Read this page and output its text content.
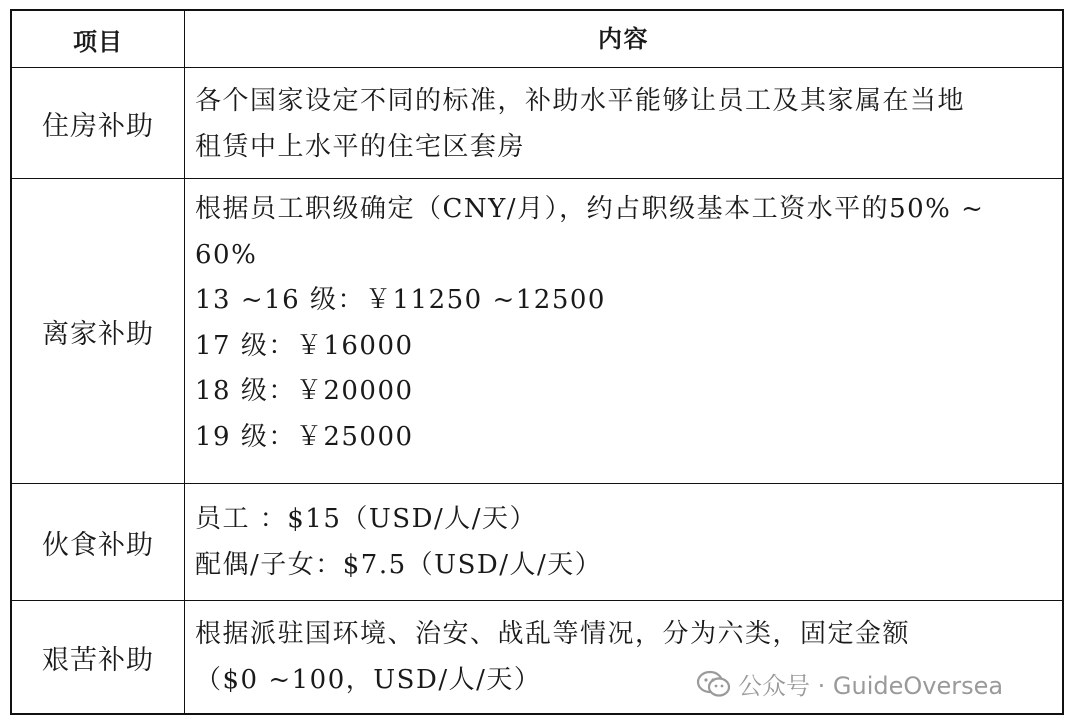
项目	内容
住房补助
各个国家设定不同的标准，补助水平能够让员工及其家属在当地
租赁中上水平的住宅区套房
离家补助
根据员工职级确定（CNY/月），约占职级基本工资水平的50% ~
60%
13 ~16 级：￥11250 ~12500
17 级：￥16000
18 级：￥20000
19 级：￥25000
伙食补助
员工 ：$15（USD/人/天）
配偶/子女：$7.5（USD/人/天）
艰苦补助
根据派驻国环境、治安、战乱等情况，分为六类，固定金额
（$0 ~100，USD/人/天）	公众号 · GuideOversea
